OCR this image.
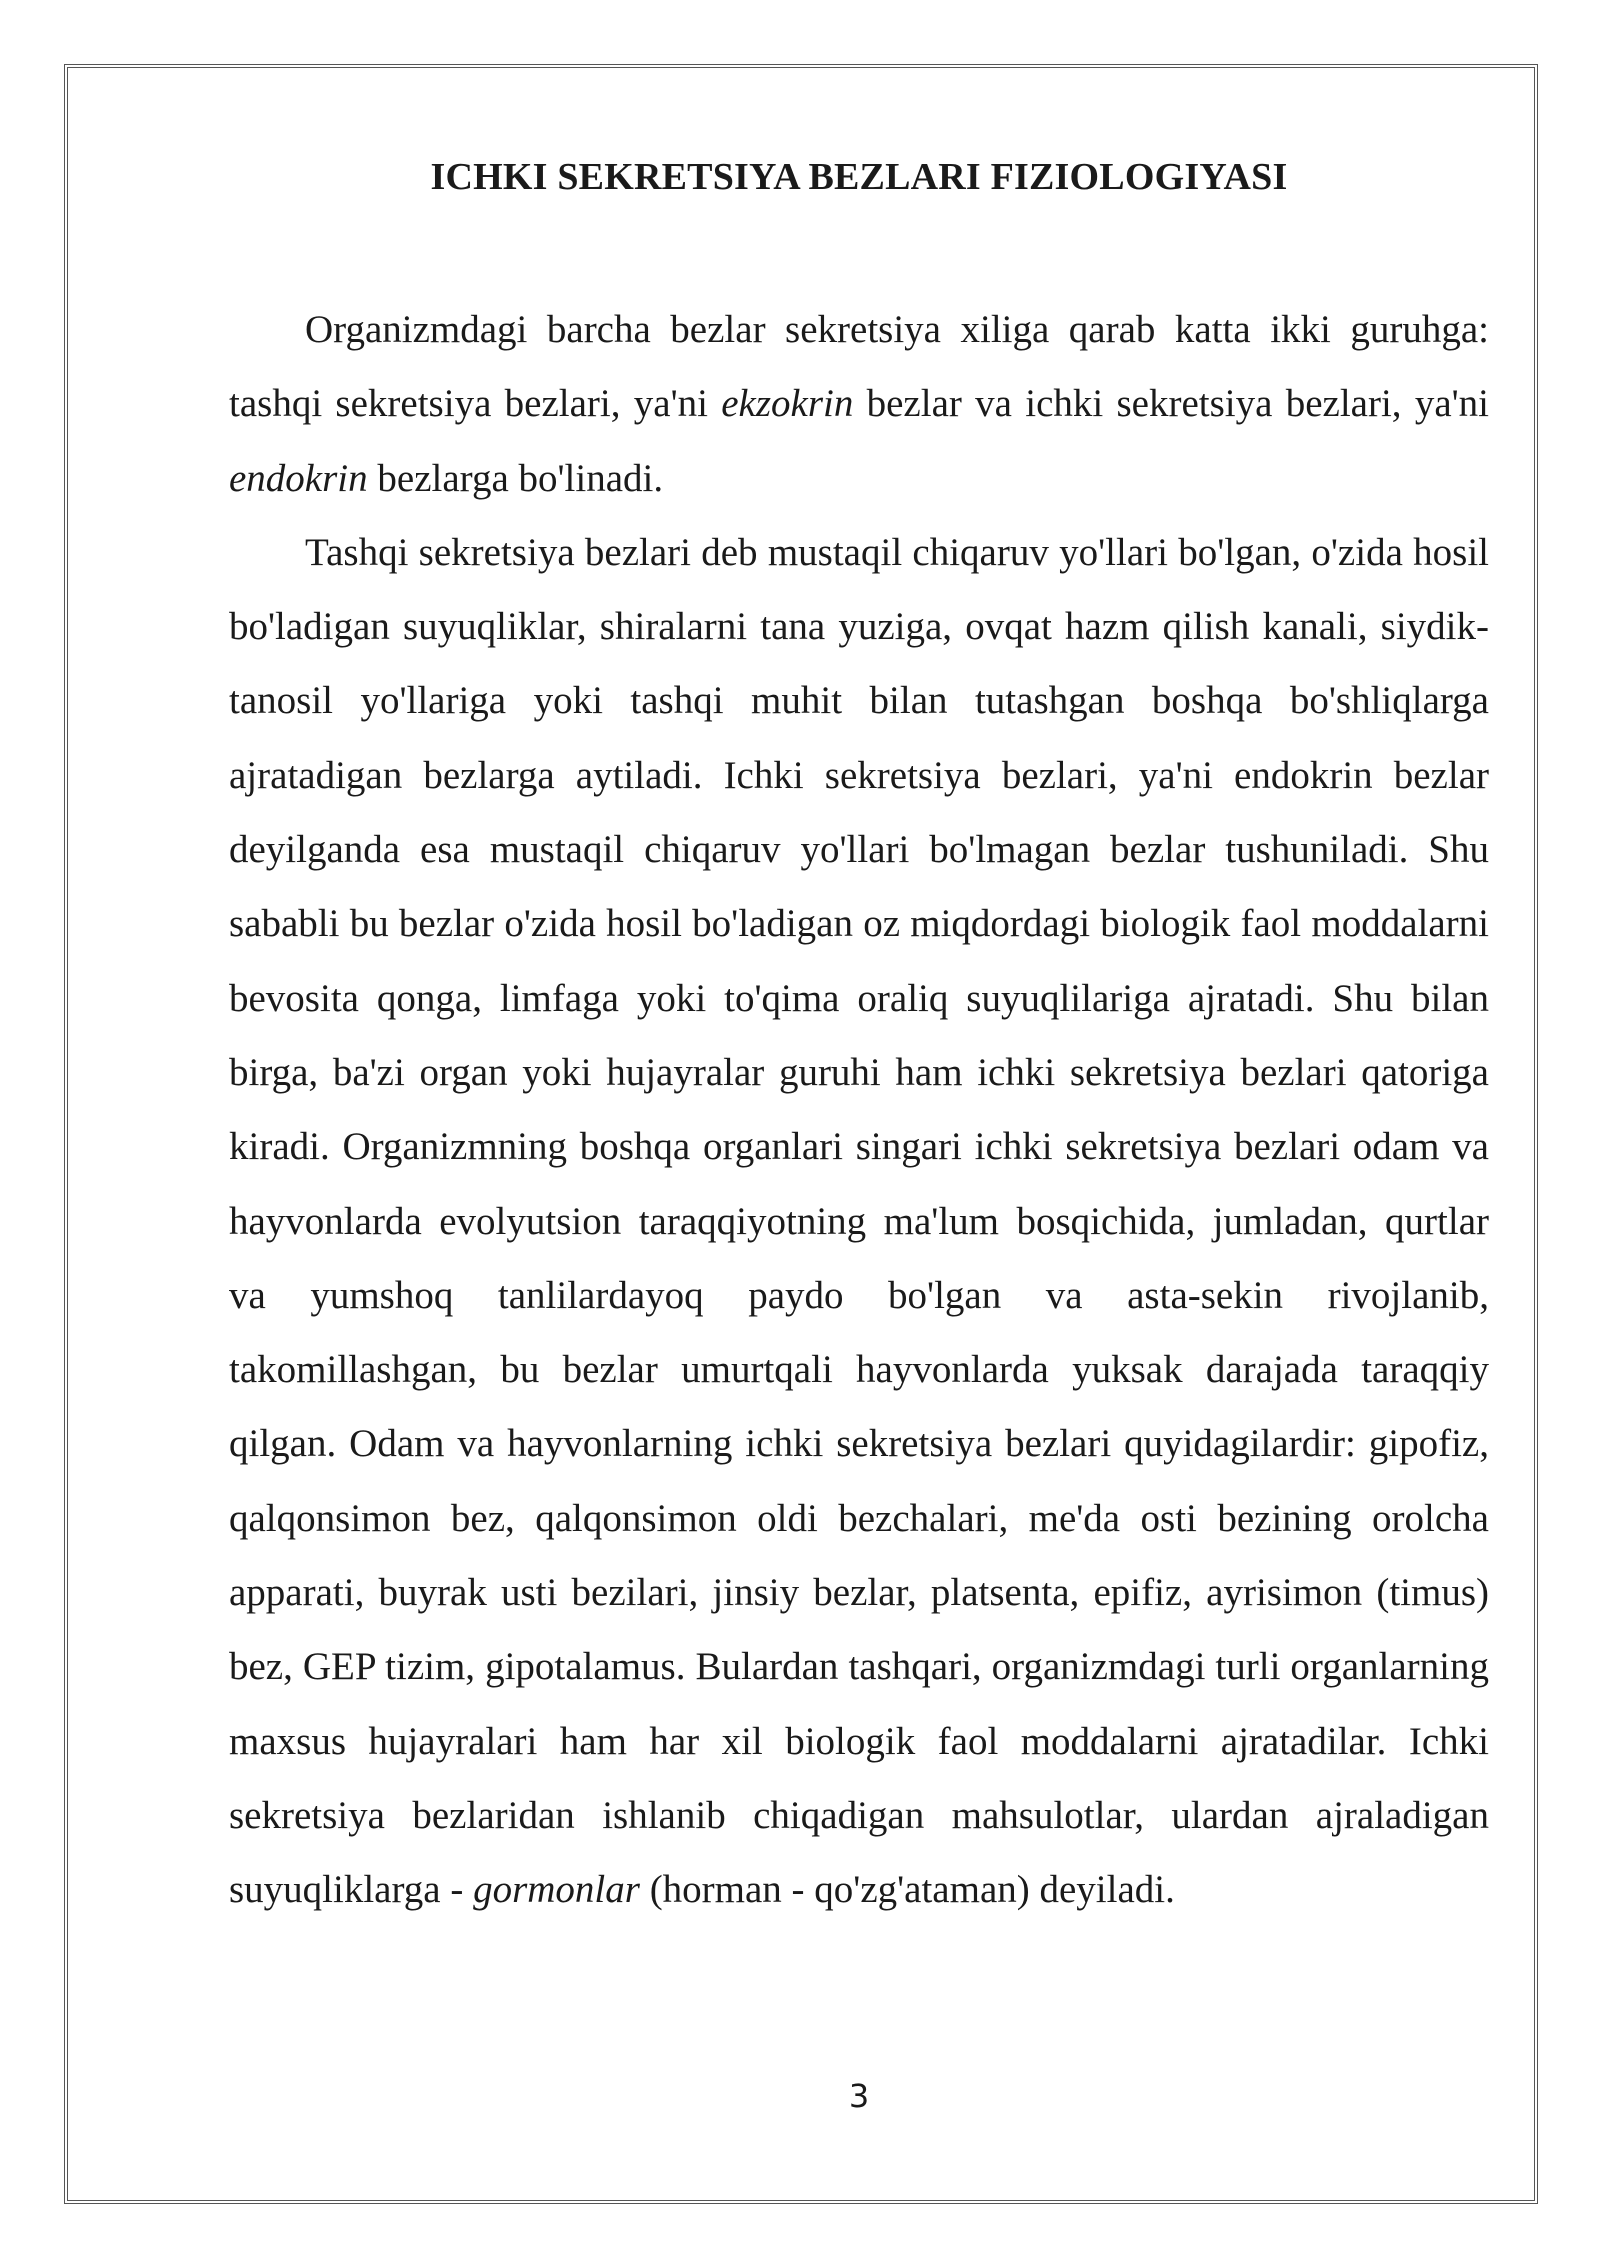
ICHKI SEKRETSIYA BEZLARI FIZIOLOGIYASI

Organizmdagi barcha bezlar sekretsiya xiliga qarab katta ikki guruhga: tashqi sekretsiya bezlari, ya'ni ekzokrin bezlar va ichki sekretsiya bezlari, ya'ni endokrin bezlarga bo'linadi.

Tashqi sekretsiya bezlari deb mustaqil chiqaruv yo'llari bo'lgan, o'zida hosil bo'ladigan suyuqliklar, shiralarni tana yuziga, ovqat hazm qilish kanali, siydik-tanosil yo'llariga yoki tashqi muhit bilan tutashgan boshqa bo'shliqlarga ajratadigan bezlarga aytiladi. Ichki sekretsiya bezlari, ya'ni endokrin bezlar deyilganda esa mustaqil chiqaruv yo'llari bo'lmagan bezlar tushuniladi. Shu sababli bu bezlar o'zida hosil bo'ladigan oz miqdordagi biologik faol moddalarni bevosita qonga, limfaga yoki to'qima oraliq suyuqlilariga ajratadi. Shu bilan birga, ba'zi organ yoki hujayralar guruhi ham ichki sekretsiya bezlari qatoriga kiradi. Organizmning boshqa organlari singari ichki sekretsiya bezlari odam va hayvonlarda evolyutsion taraqqiyotning ma'lum bosqichida, jumladan, qurtlar va yumshoq tanlilardayoq paydo bo'lgan va asta-sekin rivojlanib, takomillashgan, bu bezlar umurtqali hayvonlarda yuksak darajada taraqqiy qilgan. Odam va hayvonlarning ichki sekretsiya bezlari quyidagilardir: gipofiz, qalqonsimon bez, qalqonsimon oldi bezchalari, me'da osti bezining orolcha apparati, buyrak usti bezilari, jinsiy bezlar, platsenta, epifiz, ayrisimon (timus) bez, GEP tizim, gipotalamus. Bulardan tashqari, organizmdagi turli organlarning maxsus hujayralari ham har xil biologik faol moddalarni ajratadilar. Ichki sekretsiya bezlaridan ishlanib chiqadigan mahsulotlar, ulardan ajraladigan suyuqliklarga - gormonlar (horman - qo'zg'ataman) deyiladi.

3
